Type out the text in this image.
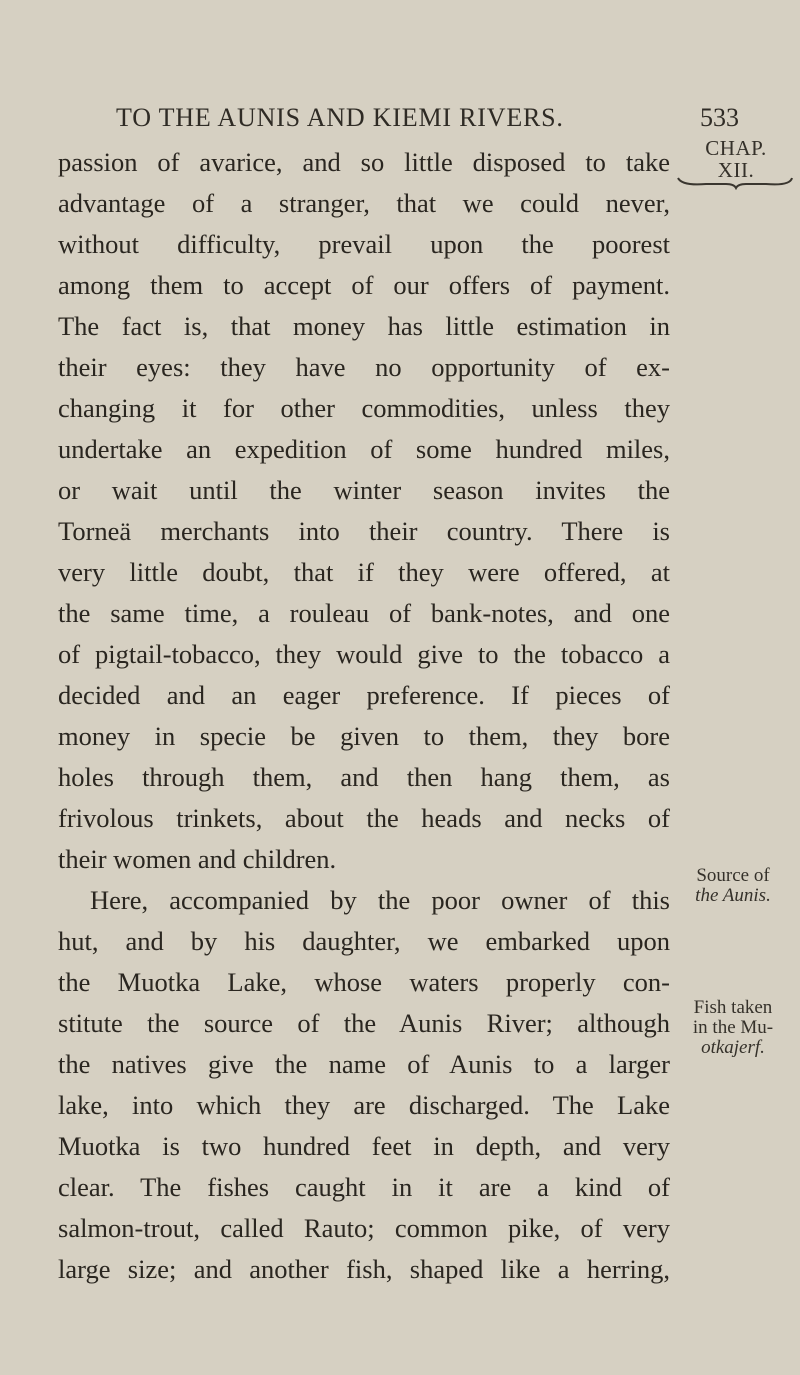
TO THE AUNIS AND KIEMI RIVERS.	533
CHAP.
XII.
Source of
the Aunis.
Fish taken
in the Mu-
otkajerf.
passion of avarice, and so little disposed to take
advantage of a stranger, that we could never,
without difficulty, prevail upon the poorest
among them to accept of our offers of payment.
The fact is, that money has little estimation in
their eyes: they have no opportunity of ex-
changing it for other commodities, unless they
undertake an expedition of some hundred miles,
or wait until the winter season invites the
Torneä merchants into their country. There is
very little doubt, that if they were offered, at
the same time, a rouleau of bank-notes, and one
of pigtail-tobacco, they would give to the tobacco a
decided and an eager preference. If pieces of
money in specie be given to them, they bore
holes through them, and then hang them, as
frivolous trinkets, about the heads and necks of
their women and children.
Here, accompanied by the poor owner of this
hut, and by his daughter, we embarked upon
the Muotka Lake, whose waters properly con-
stitute the source of the Aunis River; although
the natives give the name of Aunis to a larger
lake, into which they are discharged. The Lake
Muotka is two hundred feet in depth, and very
clear. The fishes caught in it are a kind of
salmon-trout, called Rauto; common pike, of very
large size; and another fish, shaped like a herring,
